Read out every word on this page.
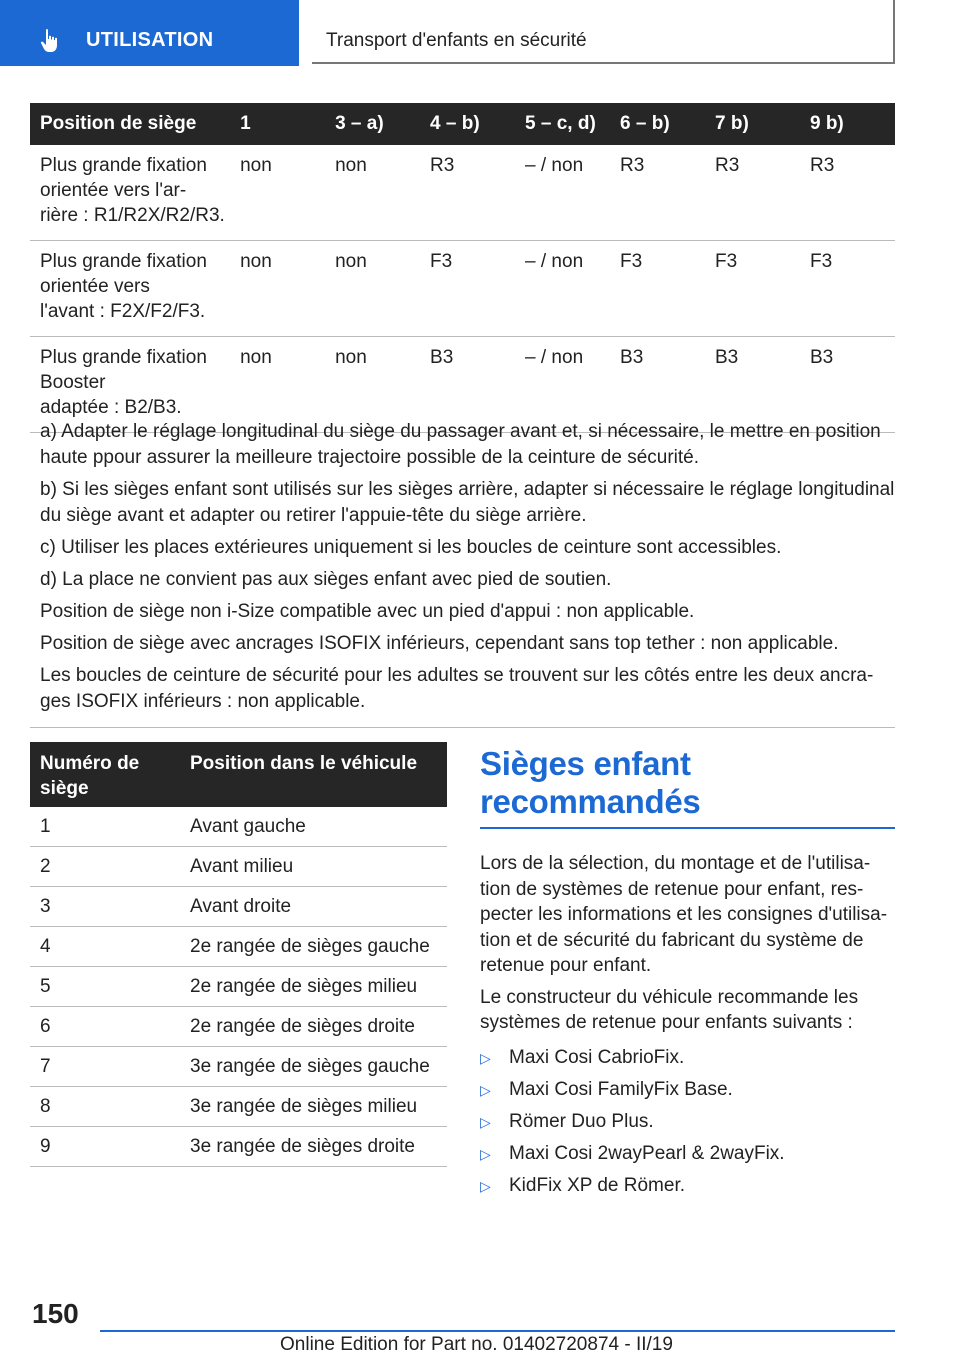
UTILISATION	Transport d'enfants en sécurité
Position de siège	1	3 – a)	4 – b)	5 – c, d)	6 – b)	7 b)	9 b)
Plus grande fixation
orientée vers l'ar-
rière : R1/R2X/R2/R3.	non	non	R3	– / non	R3	R3	R3
Plus grande fixation
orientée vers
l'avant : F2X/F2/F3.	non	non	F3	– / non	F3	F3	F3
Plus grande fixation
Booster
adaptée : B2/B3.	non	non	B3	– / non	B3	B3	B3

a) Adapter le réglage longitudinal du siège du passager avant et, si nécessaire, le mettre en position haute ppour assurer la meilleure trajectoire possible de la ceinture de sécurité.

b) Si les sièges enfant sont utilisés sur les sièges arrière, adapter si nécessaire le réglage longitudinal du siège avant et adapter ou retirer l'appuie-tête du siège arrière.

c) Utiliser les places extérieures uniquement si les boucles de ceinture sont accessibles.

d) La place ne convient pas aux sièges enfant avec pied de soutien.

Position de siège non i-Size compatible avec un pied d'appui : non applicable.

Position de siège avec ancrages ISOFIX inférieurs, cependant sans top tether : non applicable.

Les boucles de ceinture de sécurité pour les adultes se trouvent sur les côtés entre les deux ancra-ges ISOFIX inférieurs : non applicable.

Numéro de siège	Position dans le véhicule
1	Avant gauche
2	Avant milieu
3	Avant droite
4	2e rangée de sièges gauche
5	2e rangée de sièges milieu
6	2e rangée de sièges droite
7	3e rangée de sièges gauche
8	3e rangée de sièges milieu
9	3e rangée de sièges droite
Sièges enfant recommandés

Lors de la sélection, du montage et de l'utilisa-tion de systèmes de retenue pour enfant, res-pecter les informations et les consignes d'utilisa-tion et de sécurité du fabricant du système de retenue pour enfant.

Le constructeur du véhicule recommande les systèmes de retenue pour enfants suivants :

▷ Maxi Cosi CabrioFix.
▷ Maxi Cosi FamilyFix Base.
▷ Römer Duo Plus.
▷ Maxi Cosi 2wayPearl & 2wayFix.
▷ KidFix XP de Römer.
150
Online Edition for Part no. 01402720874 - II/19
